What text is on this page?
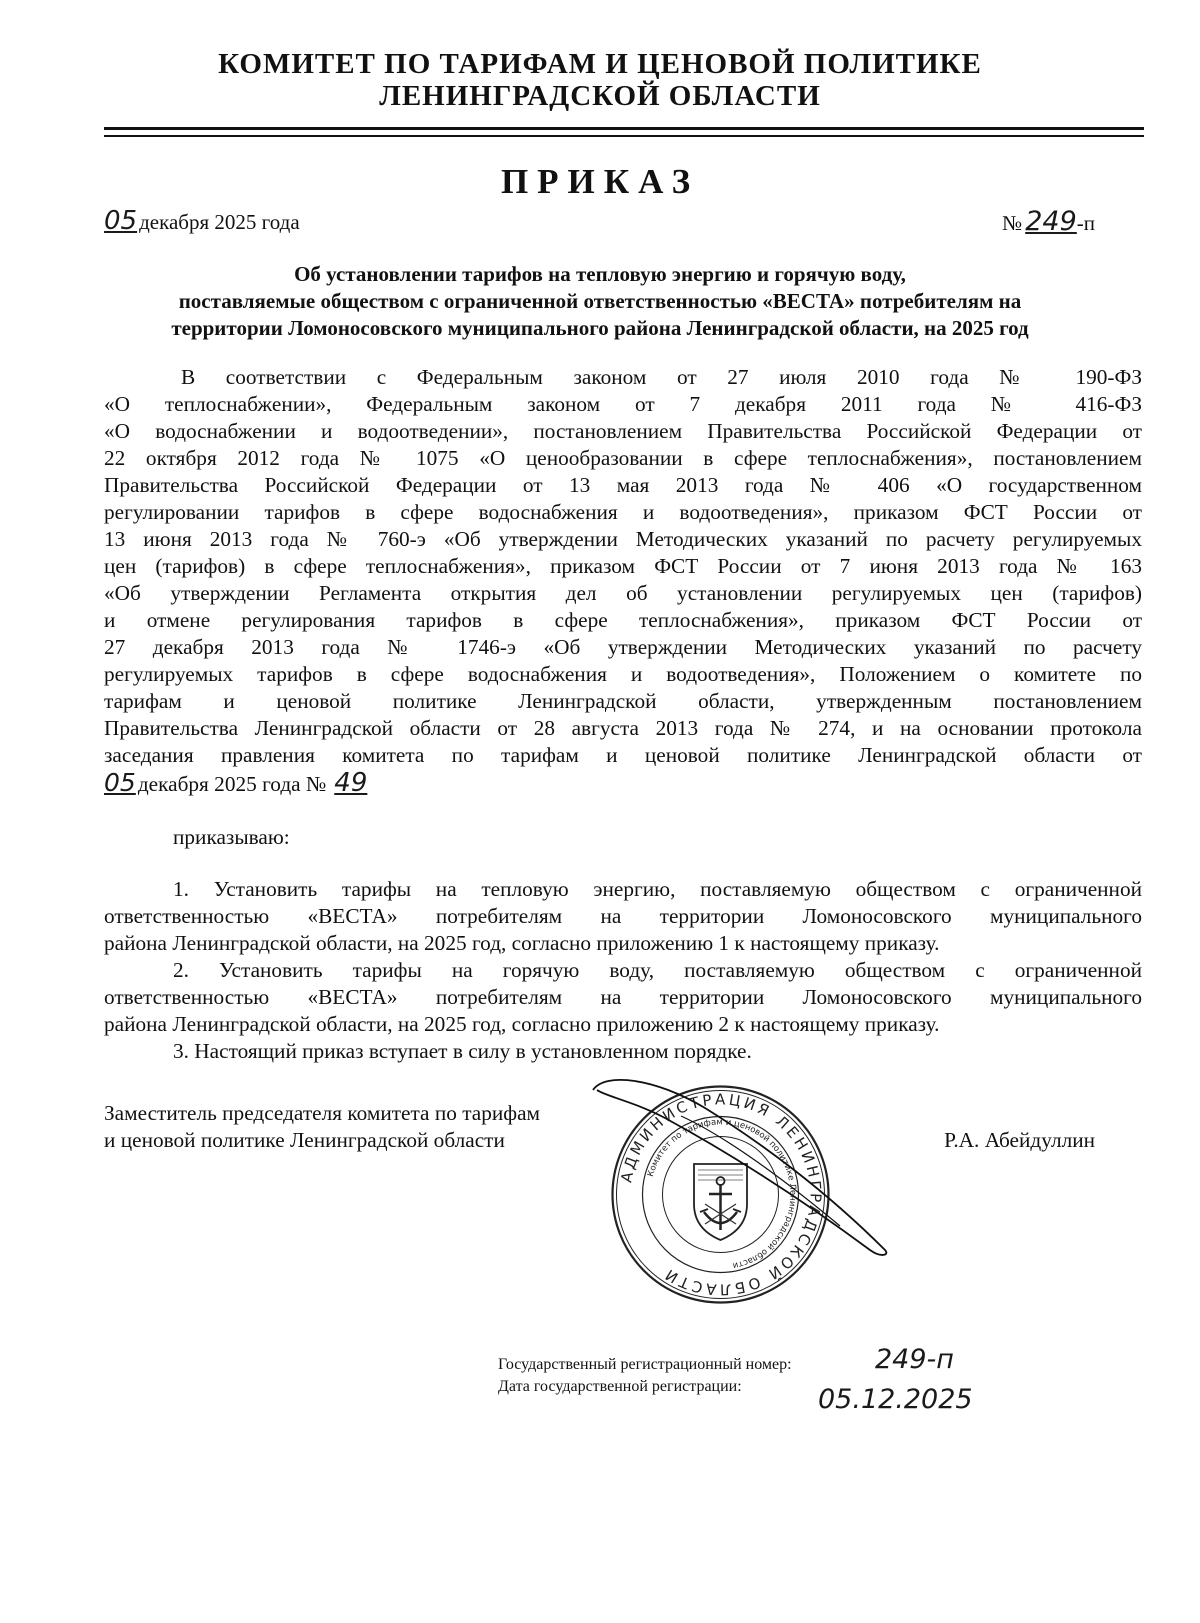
КОМИТЕТ ПО ТАРИФАМ И ЦЕНОВОЙ ПОЛИТИКЕ
ЛЕНИНГРАДСКОЙ ОБЛАСТИ
ПРИКАЗ
05декабря 2025 года	№ 249-п
Об установлении тарифов на тепловую энергию и горячую воду,
поставляемые обществом с ограниченной ответственностью «ВЕСТА» потребителям на
территории Ломоносовского муниципального района Ленинградской области, на 2025 год
В соответствии с Федеральным законом от 27 июля 2010 года № 190-ФЗ
«О теплоснабжении», Федеральным законом от 7 декабря 2011 года № 416-ФЗ
«О водоснабжении и водоотведении», постановлением Правительства Российской Федерации от
22 октября 2012 года № 1075 «О ценообразовании в сфере теплоснабжения», постановлением
Правительства Российской Федерации от 13 мая 2013 года № 406 «О государственном
регулировании тарифов в сфере водоснабжения и водоотведения», приказом ФСТ России от
13 июня 2013 года № 760-э «Об утверждении Методических указаний по расчету регулируемых
цен (тарифов) в сфере теплоснабжения», приказом ФСТ России от 7 июня 2013 года № 163
«Об утверждении Регламента открытия дел об установлении регулируемых цен (тарифов)
и отмене регулирования тарифов в сфере теплоснабжения», приказом ФСТ России от
27 декабря 2013 года № 1746-э «Об утверждении Методических указаний по расчету
регулируемых тарифов в сфере водоснабжения и водоотведения», Положением о комитете по
тарифам и ценовой политике Ленинградской области, утвержденным постановлением
Правительства Ленинградской области от 28 августа 2013 года № 274, и на основании протокола
заседания правления комитета по тарифам и ценовой политике Ленинградской области от
05декабря 2025 года № 49
приказываю:
1. Установить тарифы на тепловую энергию, поставляемую обществом с ограниченной
ответственностью «ВЕСТА» потребителям на территории Ломоносовского муниципального
района Ленинградской области, на 2025 год, согласно приложению 1 к настоящему приказу.
2. Установить тарифы на горячую воду, поставляемую обществом с ограниченной
ответственностью «ВЕСТА» потребителям на территории Ломоносовского муниципального
района Ленинградской области, на 2025 год, согласно приложению 2 к настоящему приказу.
3. Настоящий приказ вступает в силу в установленном порядке.
Заместитель председателя комитета по тарифам
и ценовой политике Ленинградской области	Р.А. Абейдуллин
АДМИНИСТРАЦИЯ ЛЕНИНГРАДСКОЙ ОБЛАСТИ
Комитет по тарифам и ценовой политике Ленинградской области
Государственный регистрационный номер:	249-п
Дата государственной регистрации:	05.12.2025
